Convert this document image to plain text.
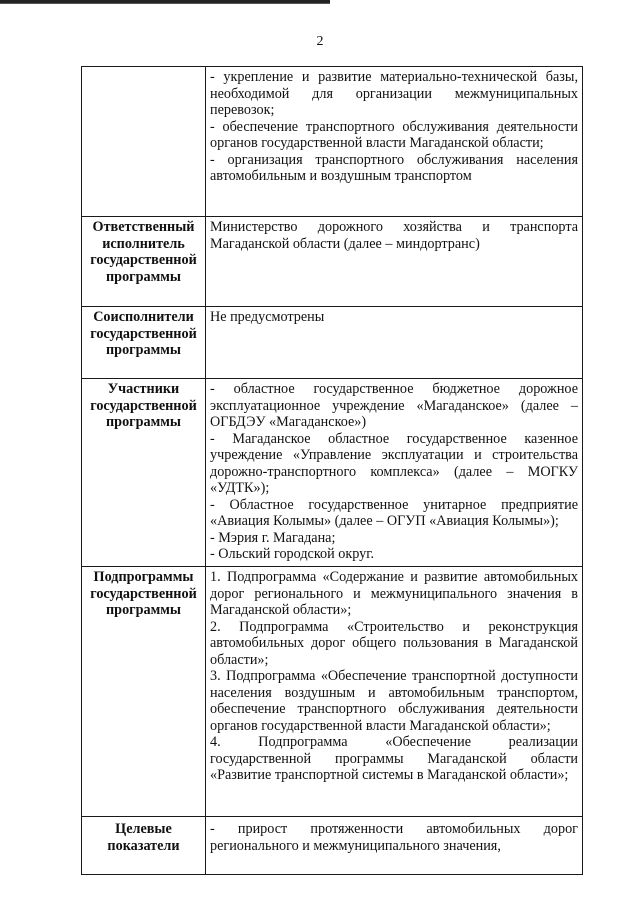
2

	- укрепление и развитие материально-технической базы, необходимой для организации межмуниципальных перевозок;
- обеспечение транспортного обслуживания деятельности органов государственной власти Магаданской области;
- организация транспортного обслуживания населения автомобильным и воздушным транспортом

Ответственный исполнитель государственной программы	Министерство дорожного хозяйства и транспорта Магаданской области (далее – миндортранс)

Соисполнители государственной программы	Не предусмотрены

Участники государственной программы	- областное государственное бюджетное дорожное эксплуатационное учреждение «Магаданское» (далее – ОГБДЭУ «Магаданское»)
- Магаданское областное государственное казенное учреждение «Управление эксплуатации и строительства дорожно-транспортного комплекса» (далее – МОГКУ «УДТК»);
- Областное государственное унитарное предприятие «Авиация Колымы» (далее – ОГУП «Авиация Колымы»);
- Мэрия г. Магадана;
- Ольский городской округ.

Подпрограммы государственной программы	1. Подпрограмма «Содержание и развитие автомобильных дорог регионального и межмуниципального значения в Магаданской области»;
2. Подпрограмма «Строительство и реконструкция автомобильных дорог общего пользования в Магаданской области»;
3. Подпрограмма «Обеспечение транспортной доступности населения воздушным и автомобильным транспортом, обеспечение транспортного обслуживания деятельности органов государственной власти Магаданской области»;
4. Подпрограмма «Обеспечение реализации государственной программы Магаданской области «Развитие транспортной системы в Магаданской области»;

Целевые показатели	- прирост протяженности автомобильных дорог регионального и межмуниципального значения,
